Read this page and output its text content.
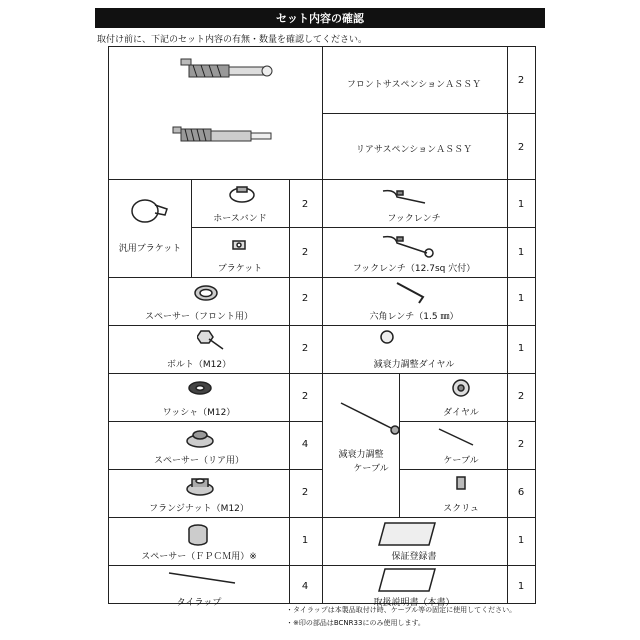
セット内容の確認
取付け前に、下記のセット内容の有無・数量を確認してください。
フロントサスペンションＡＳＳＹ	2
リアサスペンションＡＳＳＹ	2
汎用ブラケット
ホースバンド
2
ブラケット
2
フックレンチ
1
フックレンチ（12.7sq 穴付）
1
スペーサー（フロント用）
2
六角レンチ（1.5 ㎜）
1
ボルト（M12）
2
減衰力調整ダイヤル
1
ワッシャ（M12）
2
スペーサー（リア用）
4
フランジナット（M12）
2
減衰力調整
ケーブル
ダイヤル
2
ケーブル
2
スクリュ
6
スペーサー（ＦＰＣＭ用）※
1
保証登録書
1
タイラップ
4
取扱説明書（本書）
1
・タイラップは本製品取付け時、ケーブル等の固定に使用してください。
・※印の部品はBCNR33にのみ使用します。
